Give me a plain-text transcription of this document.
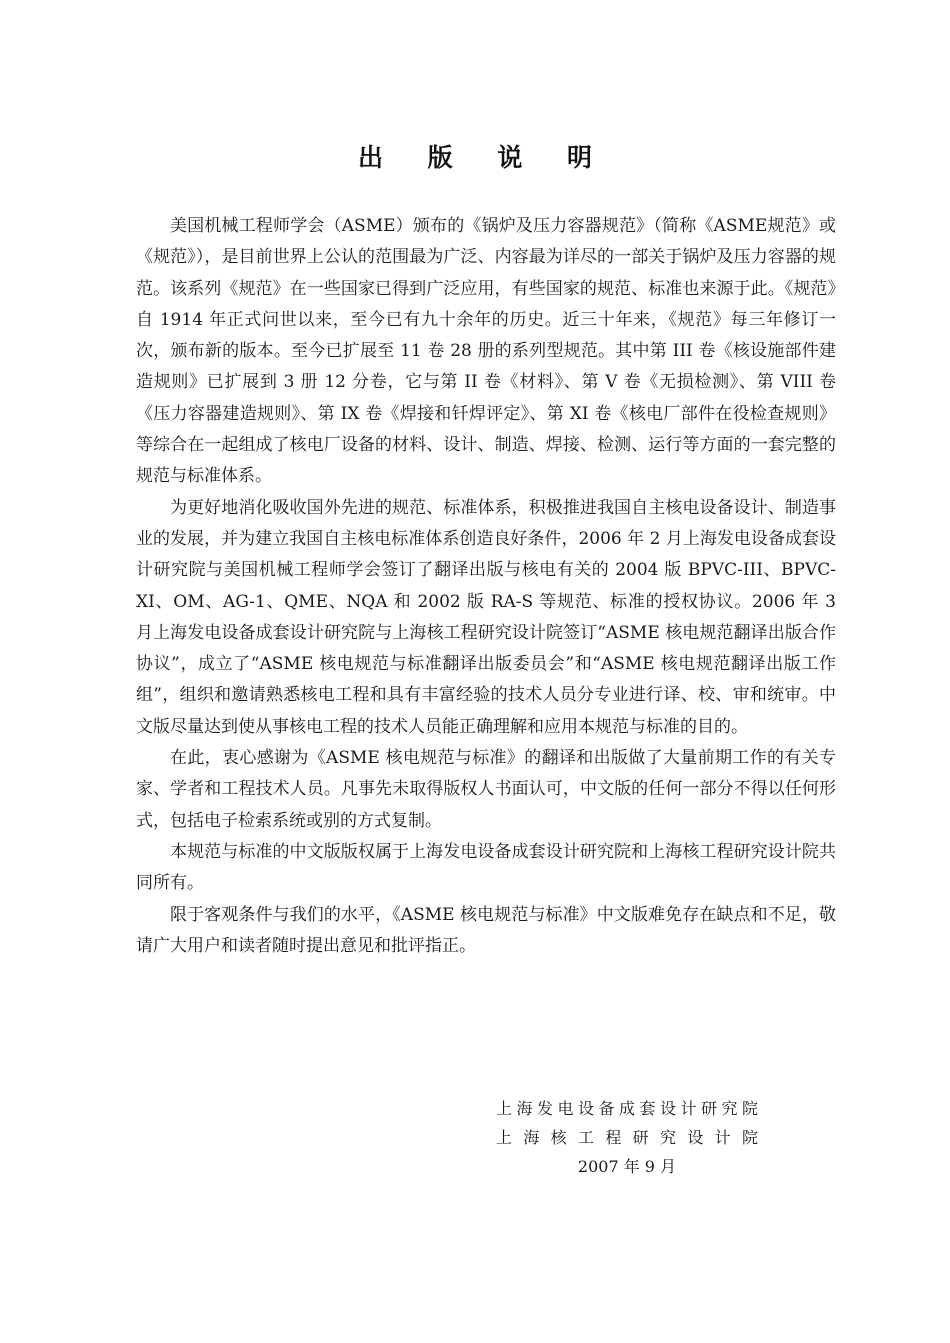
出 版 说 明

美国机械工程师学会（ASME）颁布的《锅炉及压力容器规范》（简称《ASME规范》或《规范》），是目前世界上公认的范围最为广泛、内容最为详尽的一部关于锅炉及压力容器的规范。该系列《规范》在一些国家已得到广泛应用，有些国家的规范、标准也来源于此。《规范》自 1914 年正式问世以来，至今已有九十余年的历史。近三十年来，《规范》每三年修订一次，颁布新的版本。至今已扩展至 11 卷 28 册的系列型规范。其中第 III 卷《核设施部件建造规则》已扩展到 3 册 12 分卷，它与第 II 卷《材料》、第 V 卷《无损检测》、第 VIII 卷《压力容器建造规则》、第 IX 卷《焊接和钎焊评定》、第 XI 卷《核电厂部件在役检查规则》等综合在一起组成了核电厂设备的材料、设计、制造、焊接、检测、运行等方面的一套完整的规范与标准体系。

为更好地消化吸收国外先进的规范、标准体系，积极推进我国自主核电设备设计、制造事业的发展，并为建立我国自主核电标准体系创造良好条件，2006 年 2 月上海发电设备成套设计研究院与美国机械工程师学会签订了翻译出版与核电有关的 2004 版 BPVC-III、BPVC-XI、OM、AG-1、QME、NQA 和 2002 版 RA-S 等规范、标准的授权协议。2006 年 3 月上海发电设备成套设计研究院与上海核工程研究设计院签订“ASME 核电规范翻译出版合作协议”，成立了“ASME 核电规范与标准翻译出版委员会”和“ASME 核电规范翻译出版工作组”，组织和邀请熟悉核电工程和具有丰富经验的技术人员分专业进行译、校、审和统审。中文版尽量达到使从事核电工程的技术人员能正确理解和应用本规范与标准的目的。

在此，衷心感谢为《ASME 核电规范与标准》的翻译和出版做了大量前期工作的有关专家、学者和工程技术人员。凡事先未取得版权人书面认可，中文版的任何一部分不得以任何形式，包括电子检索系统或别的方式复制。

本规范与标准的中文版版权属于上海发电设备成套设计研究院和上海核工程研究设计院共同所有。

限于客观条件与我们的水平，《ASME 核电规范与标准》中文版难免存在缺点和不足，敬请广大用户和读者随时提出意见和批评指正。

上海发电设备成套设计研究院
上海核工程研究设计院
2007 年 9 月
